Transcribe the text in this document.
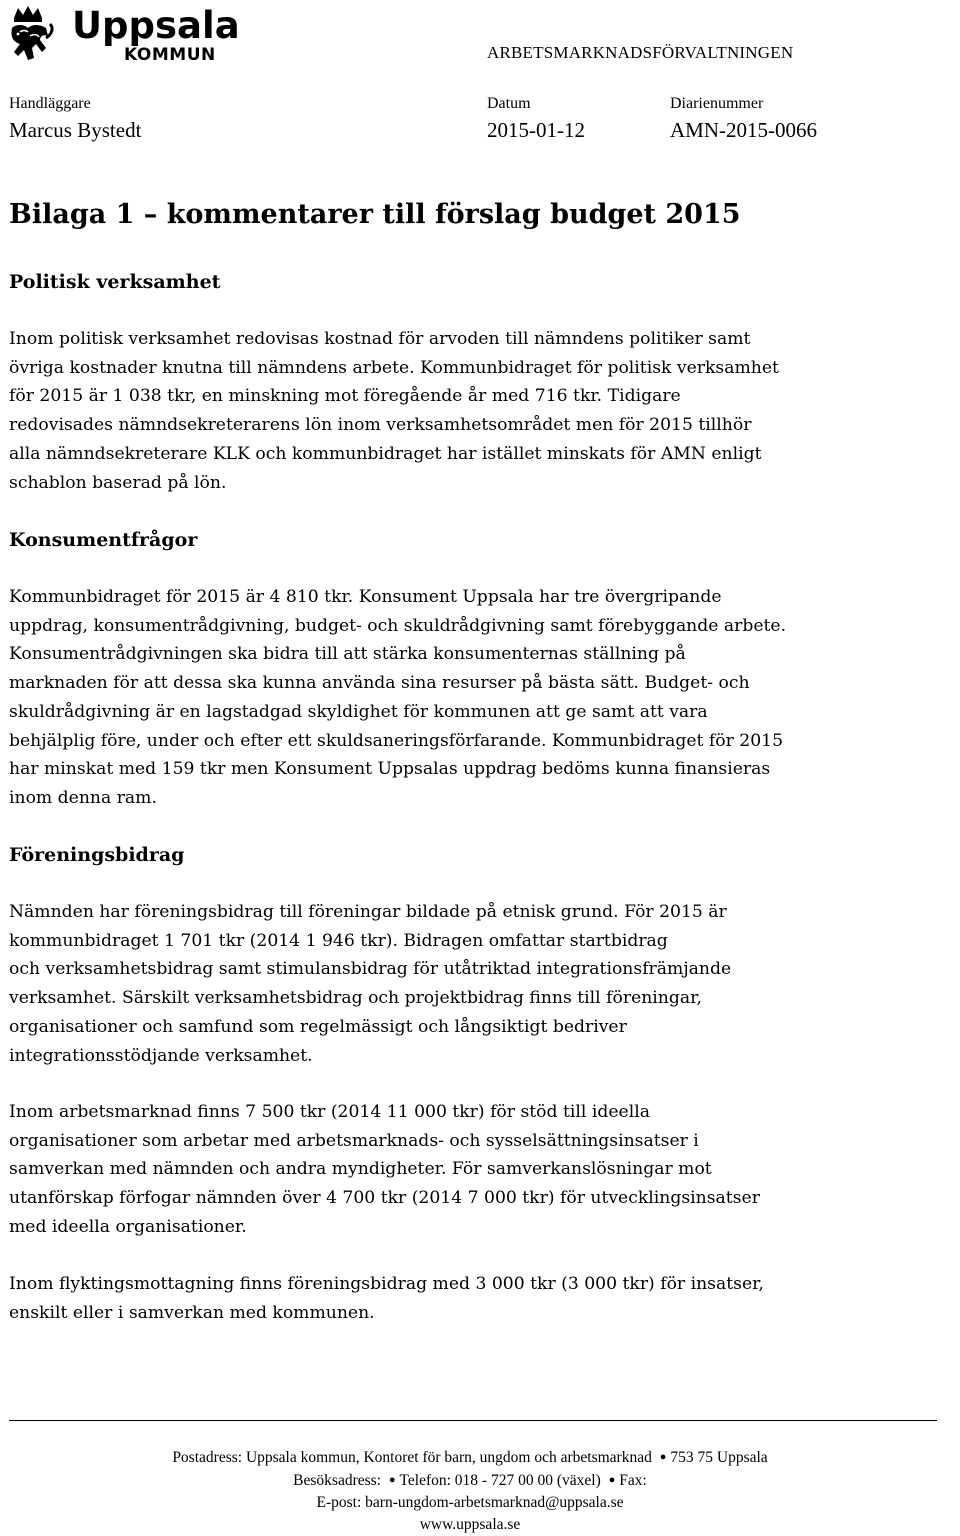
Uppsala
KOMMUN	ARBETSMARKNADSFÖRVALTNINGEN
Handläggare
Marcus Bystedt
Datum
2015-01-12
Diarienummer
AMN-2015-0066
Bilaga 1 – kommentarer till förslag budget 2015
Politisk verksamhet

Inom politisk verksamhet redovisas kostnad för arvoden till nämndens politiker samt
övriga kostnader knutna till nämndens arbete. Kommunbidraget för politisk verksamhet
för 2015 är 1 038 tkr, en minskning mot föregående år med 716 tkr. Tidigare
redovisades nämndsekreterarens lön inom verksamhetsområdet men för 2015 tillhör
alla nämndsekreterare KLK och kommunbidraget har istället minskats för AMN enligt
schablon baserad på lön.

Konsumentfrågor

Kommunbidraget för 2015 är 4 810 tkr. Konsument Uppsala har tre övergripande
uppdrag, konsumentrådgivning, budget- och skuldrådgivning samt förebyggande arbete.
Konsumentrådgivningen ska bidra till att stärka konsumenternas ställning på
marknaden för att dessa ska kunna använda sina resurser på bästa sätt. Budget- och
skuldrådgivning är en lagstadgad skyldighet för kommunen att ge samt att vara
behjälplig före, under och efter ett skuldsaneringsförfarande. Kommunbidraget för 2015
har minskat med 159 tkr men Konsument Uppsalas uppdrag bedöms kunna finansieras
inom denna ram.

Föreningsbidrag

Nämnden har föreningsbidrag till föreningar bildade på etnisk grund. För 2015 är
kommunbidraget 1 701 tkr (2014 1 946 tkr). Bidragen omfattar startbidrag
och verksamhetsbidrag samt stimulansbidrag för utåtriktad integrationsfrämjande
verksamhet. Särskilt verksamhetsbidrag och projektbidrag finns till föreningar,
organisationer och samfund som regelmässigt och långsiktigt bedriver
integrationsstödjande verksamhet.

Inom arbetsmarknad finns 7 500 tkr (2014 11 000 tkr) för stöd till ideella
organisationer som arbetar med arbetsmarknads- och sysselsättningsinsatser i
samverkan med nämnden och andra myndigheter. För samverkanslösningar mot
utanförskap förfogar nämnden över 4 700 tkr (2014 7 000 tkr) för utvecklingsinsatser
med ideella organisationer.

Inom flyktingsmottagning finns föreningsbidrag med 3 000 tkr (3 000 tkr) för insatser,
enskilt eller i samverkan med kommunen.

Postadress: Uppsala kommun, Kontoret för barn, ungdom och arbetsmarknad ● 753 75 Uppsala
Besöksadress: ● Telefon: 018 - 727 00 00 (växel) ● Fax:
E-post: barn-ungdom-arbetsmarknad@uppsala.se
www.uppsala.se
